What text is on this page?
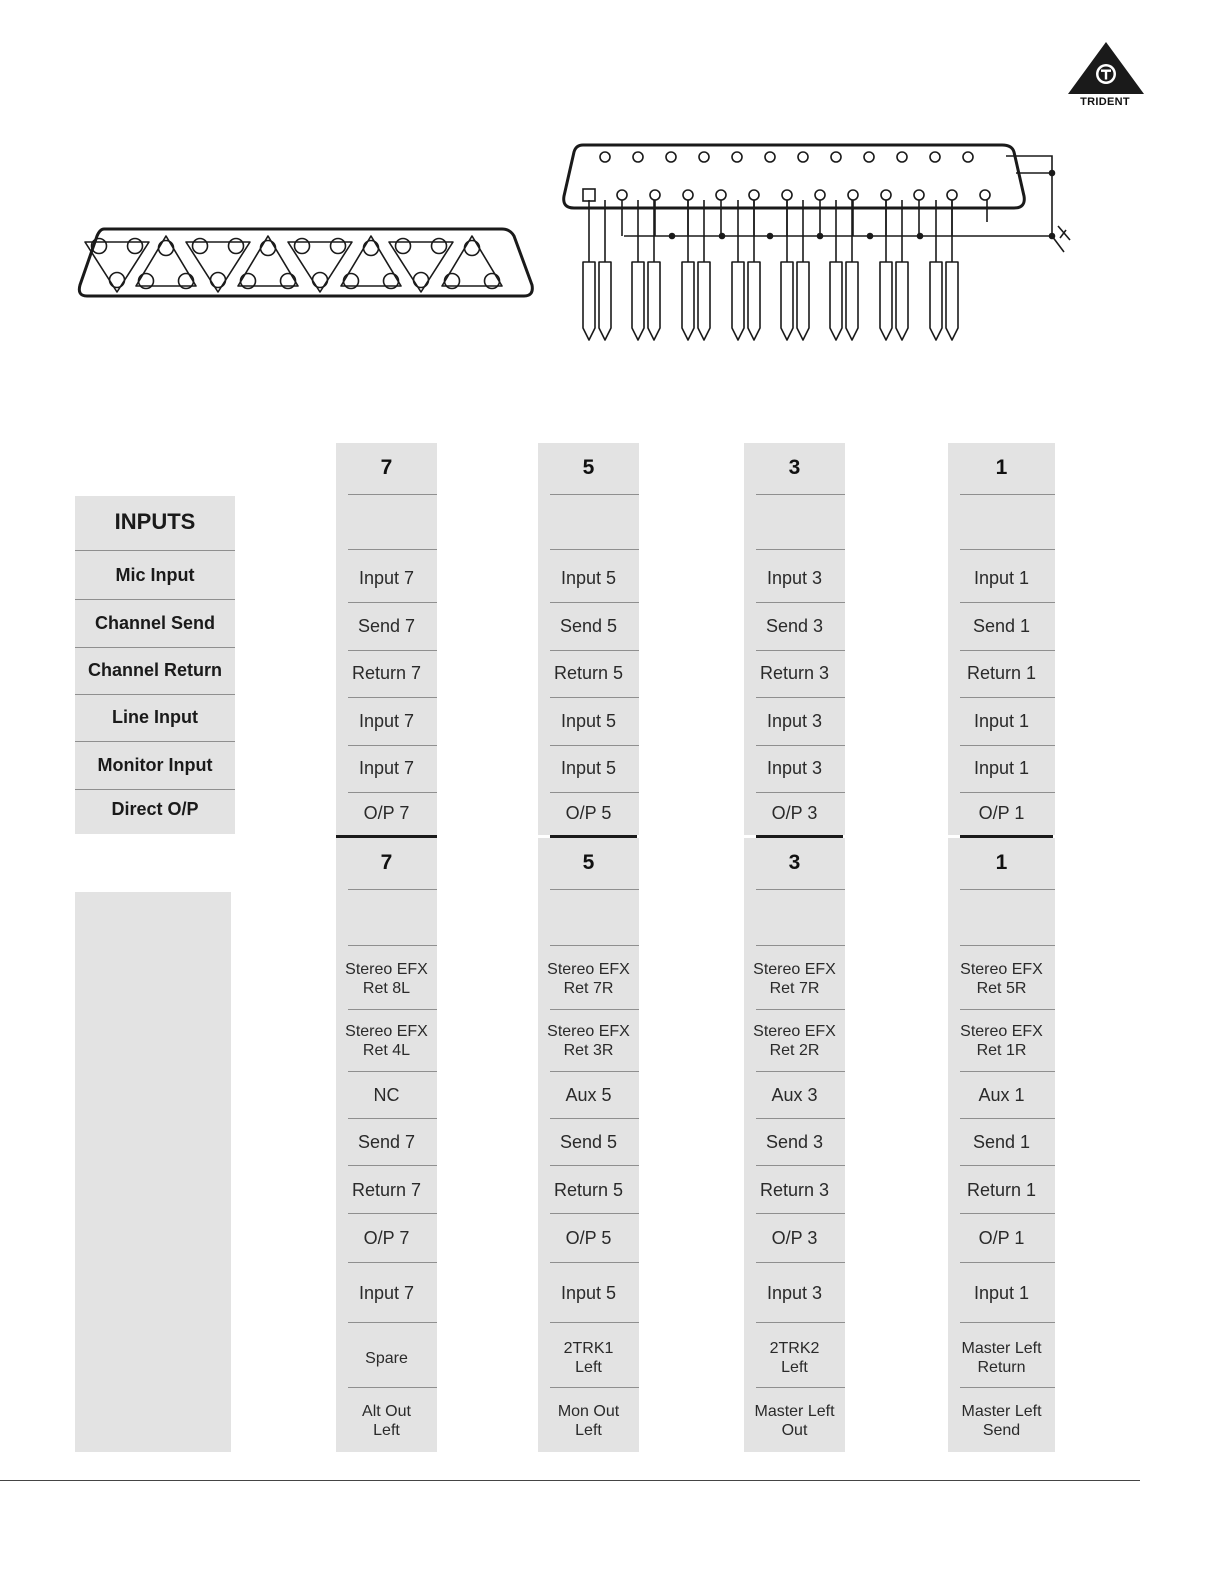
TRIDENT
INPUTS
Mic Input
Channel Send
Channel Return
Line Input
Monitor Input
Direct O/P
7
Input 7
Send 7
Return 7
Input 7
Input 7
O/P 7
7
Stereo EFX
Ret 8L
Stereo EFX
Ret 4L
NC
Send 7
Return 7
O/P 7
Input 7
Spare
Alt Out
Left
5
Input 5
Send 5
Return 5
Input 5
Input 5
O/P 5
5
Stereo EFX
Ret 7R
Stereo EFX
Ret 3R
Aux 5
Send 5
Return 5
O/P 5
Input 5
2TRK1
Left
Mon Out
Left
3
Input 3
Send 3
Return 3
Input 3
Input 3
O/P 3
3
Stereo EFX
Ret 7R
Stereo EFX
Ret 2R
Aux 3
Send 3
Return 3
O/P 3
Input 3
2TRK2
Left
Master Left
Out
1
Input 1
Send 1
Return 1
Input 1
Input 1
O/P 1
1
Stereo EFX
Ret 5R
Stereo EFX
Ret 1R
Aux 1
Send 1
Return 1
O/P 1
Input 1
Master Left
Return
Master Left
Send
